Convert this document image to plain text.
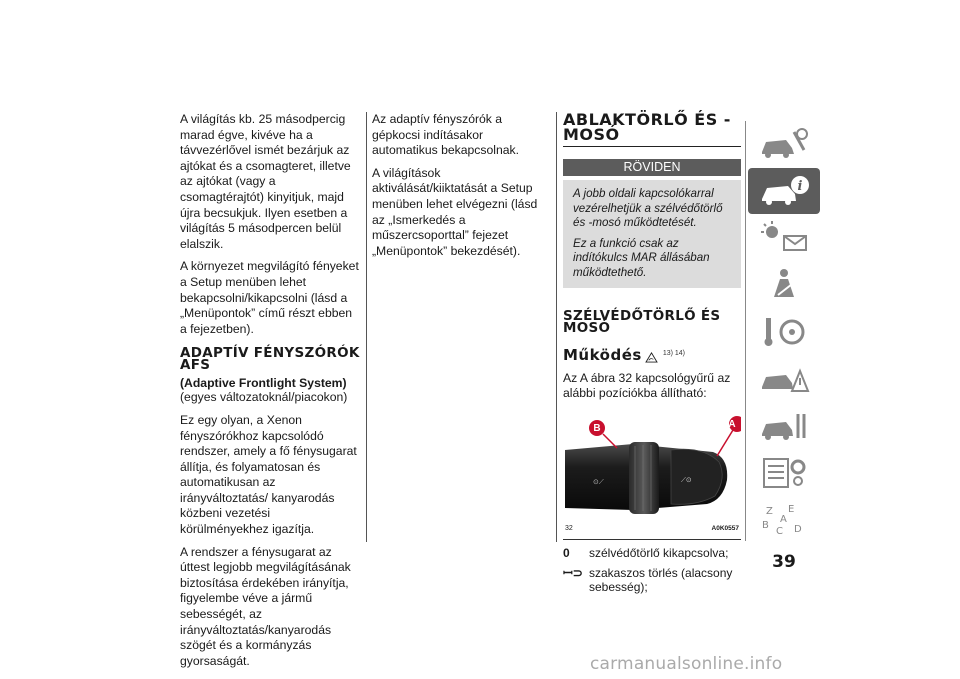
A világítás kb. 25 másodpercig marad égve, kivéve ha a távvezérlővel ismét bezárjuk az ajtókat és a csomagteret, illetve az ajtókat (vagy a csomagtérajtót) kinyitjuk, majd újra becsukjuk. Ilyen esetben a világítás 5 másodpercen belül elalszik.

A környezet megvilágító fényeket a Setup menüben lehet bekapcsolni/kikapcsolni (lásd a „Menüpontok” című részt ebben a fejezetben).

ADAPTÍV FÉNYSZÓRÓK AFS
(Adaptive Frontlight System)

(egyes változatoknál/piacokon)

Ez egy olyan, a Xenon fényszórókhoz kapcsolódó rendszer, amely a fő fénysugarat állítja, és folyamatosan és automatikusan az irányváltoztatás/ kanyarodás közbeni vezetési körülményekhez igazítja.

A rendszer a fénysugarat az úttest legjobb megvilágításának biztosítása érdekében irányítja, figyelembe véve a jármű sebességét, az irányváltoztatás/kanyarodás szögét és a kormányzás gyorsaságát.

Az adaptív fényszórók a gépkocsi indításakor automatikus bekapcsolnak.

A világítások aktiválását/kiiktatását a Setup menüben lehet elvégezni (lásd az „Ismerkedés a műszercsoporttal” fejezet „Menüpontok” bekezdését).

ABLAKTÖRLŐ ÉS -MOSÓ
RÖVIDEN

A jobb oldali kapcsolókarral vezérelhetjük a szélvédőtörlő és -mosó működtetését.

Ez a funkció csak az indítókulcs MAR állásában működtethető.

SZÉLVÉDŐTÖRLŐ ÉS MOSÓ
Működés	13) 14)

Az A ábra 32 kapcsológyűrű az alábbi pozíciókba állítható:

⟋⊙
⊙⟋
B	A
32	A0K0557
0	szélvédőtörlő kikapcsolva;
ꟷ⊃ szakaszos törlés (alacsony sebesség);
i
Z E
B
C D
A
39
carmanualsonline.info
